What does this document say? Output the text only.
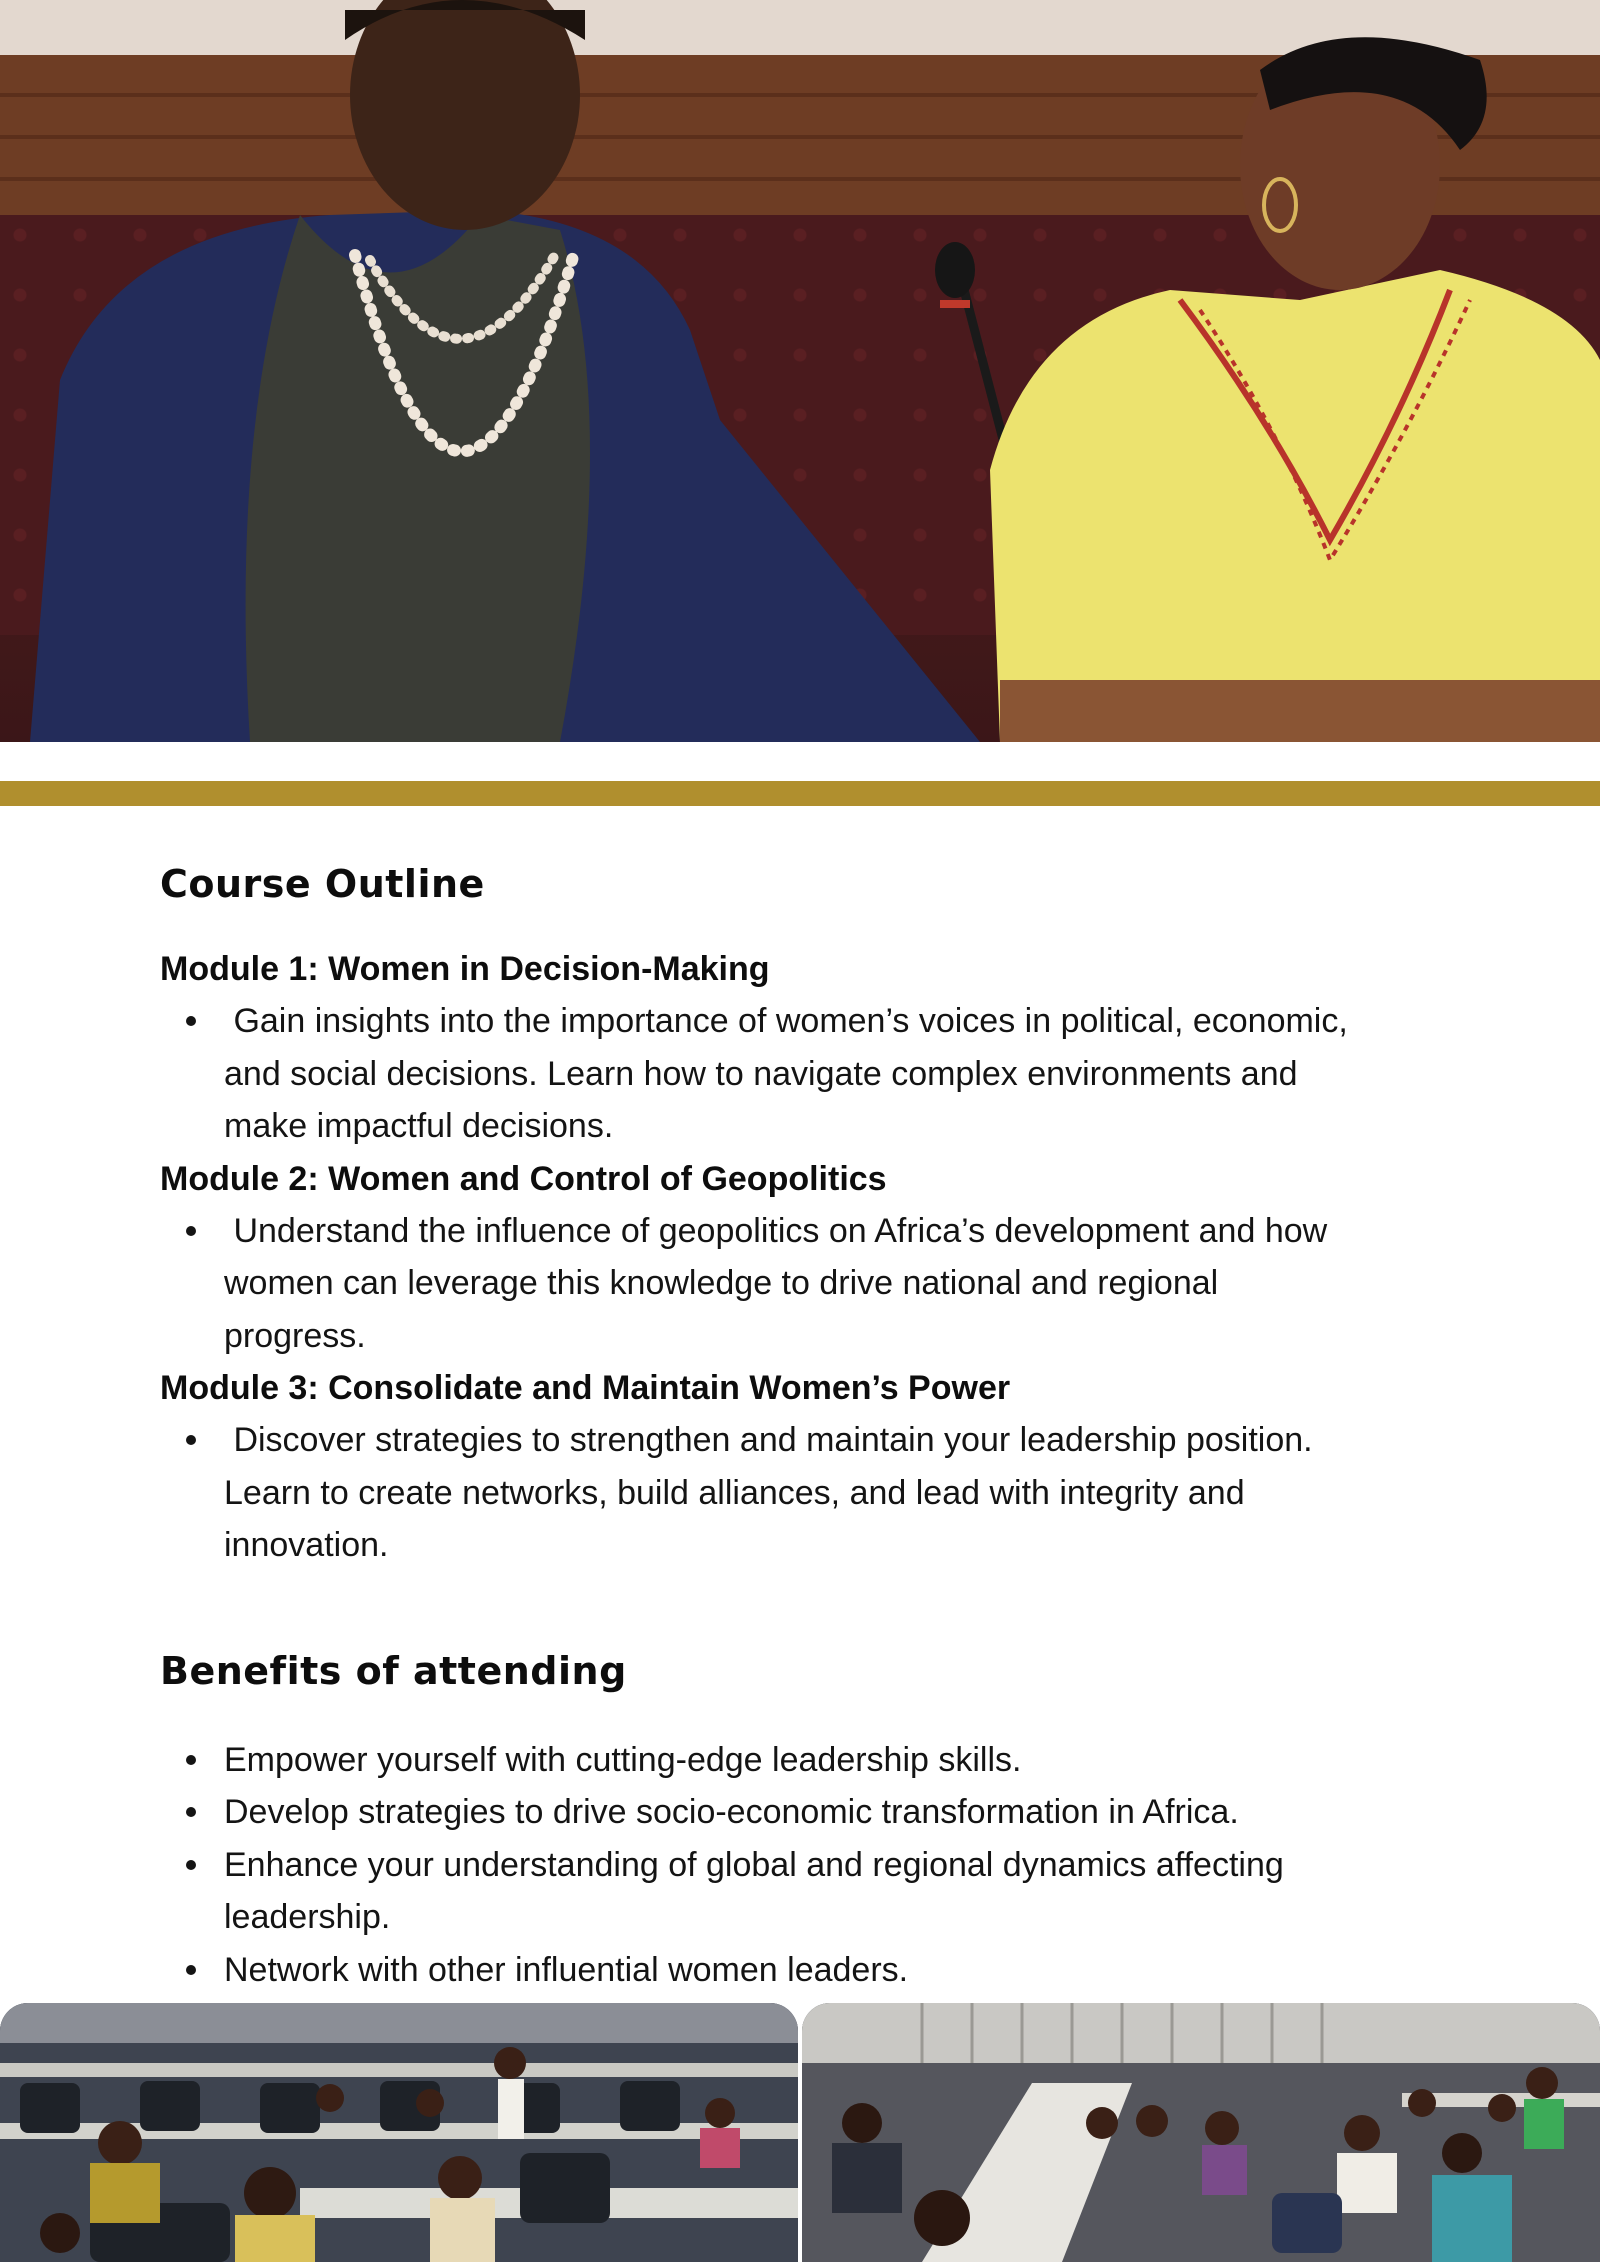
Course Outline
Module 1: Women in Decision-Making
Gain insights into the importance of women’s voices in political, economic,
and social decisions. Learn how to navigate complex environments and
make impactful decisions.
Module 2: Women and Control of Geopolitics
Understand the influence of geopolitics on Africa’s development and how
women can leverage this knowledge to drive national and regional
progress.
Module 3: Consolidate and Maintain Women’s Power
Discover strategies to strengthen and maintain your leadership position.
Learn to create networks, build alliances, and lead with integrity and
innovation.
Benefits of attending
Empower yourself with cutting-edge leadership skills.
Develop strategies to drive socio-economic transformation in Africa.
Enhance your understanding of global and regional dynamics affecting
leadership.
Network with other influential women leaders.
